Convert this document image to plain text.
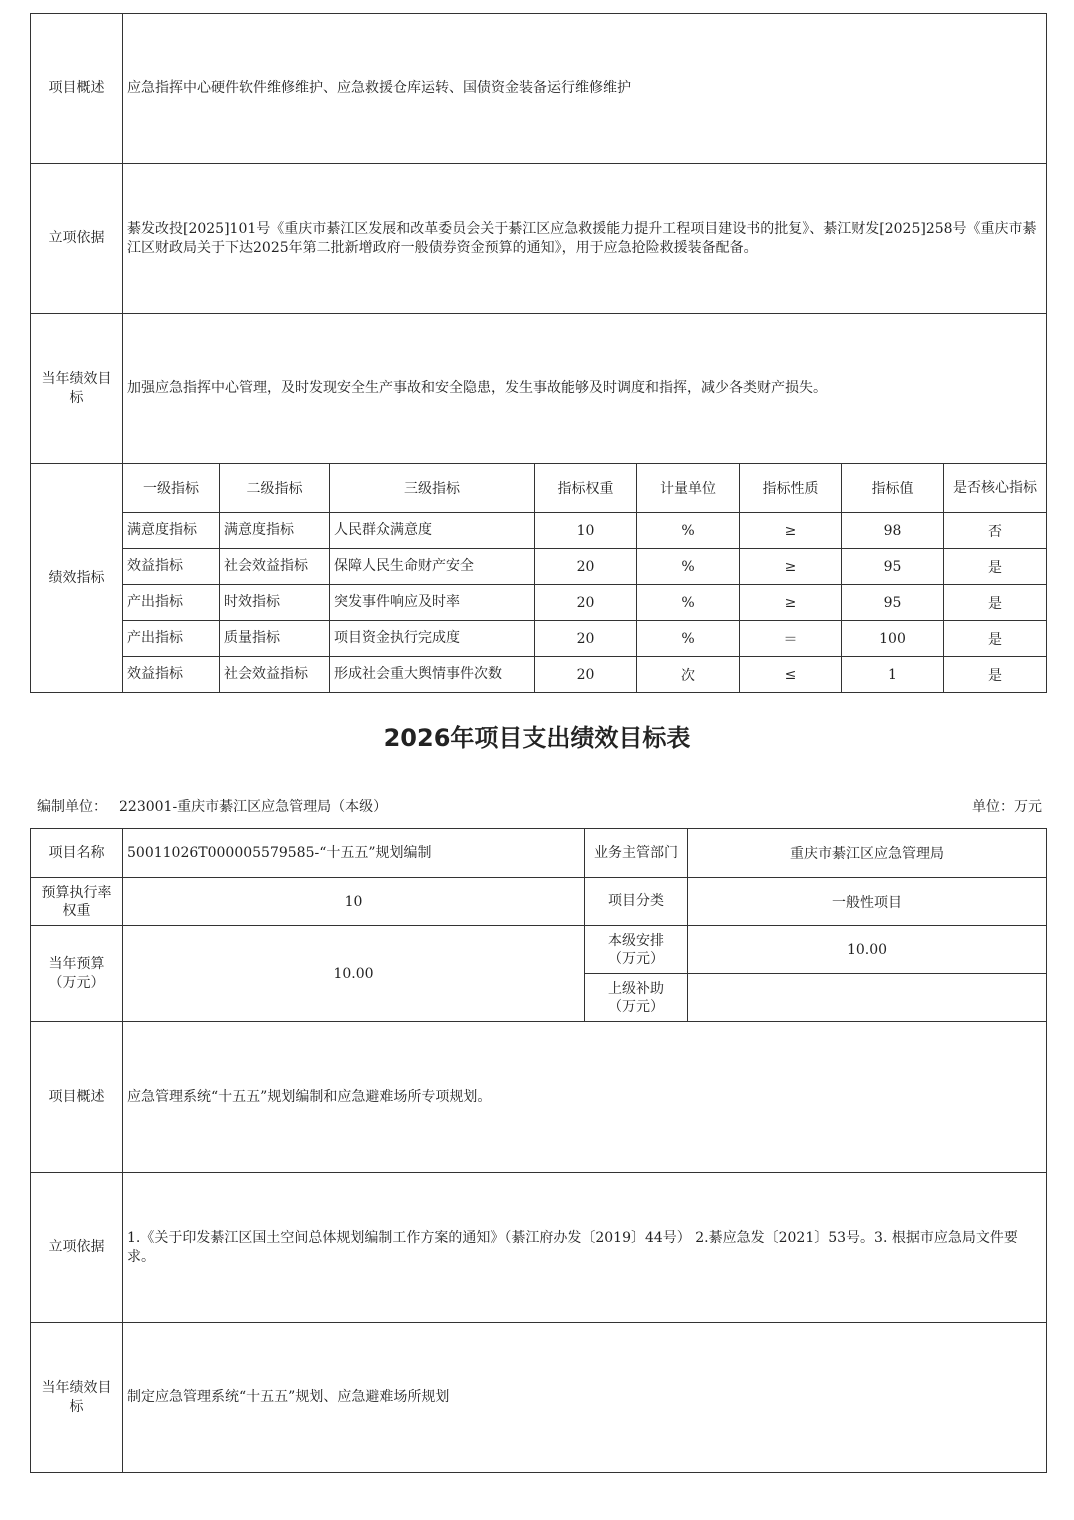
项目概述	应急指挥中心硬件软件维修维护、应急救援仓库运转、国债资金装备运行维修维护							
立项依据	綦发改投[2025]101号《重庆市綦江区发展和改革委员会关于綦江区应急救援能力提升工程项目建设书的批复》、綦江财发[2025]258号《重庆市綦江区财政局关于下达2025年第二批新增政府一般债券资金预算的通知》，用于应急抢险救援装备配备。							
当年绩效目标	加强应急指挥中心管理，及时发现安全生产事故和安全隐患，发生事故能够及时调度和指挥，减少各类财产损失。							
绩效指标	一级指标	二级指标	三级指标	指标权重	计量单位	指标性质	指标值	是否核心指标
	满意度指标	满意度指标	人民群众满意度	10	%	≥	98	否
	效益指标	社会效益指标	保障人民生命财产安全	20	%	≥	95	是
	产出指标	时效指标	突发事件响应及时率	20	%	≥	95	是
	产出指标	质量指标	项目资金执行完成度	20	%	＝	100	是
	效益指标	社会效益指标	形成社会重大舆情事件次数	20	次	≤	1	是
2026年项目支出绩效目标表
编制单位： 223001-重庆市綦江区应急管理局（本级）	单位：万元
项目名称	50011026T000005579585-“十五五”规划编制	业务主管部门	重庆市綦江区应急管理局
预算执行率权重	10	项目分类	一般性项目
当年预算（万元）	10.00	本级安排（万元）	10.00
		上级补助（万元）	
项目概述	应急管理系统“十五五”规划编制和应急避难场所专项规划。		
立项依据	1.《关于印发綦江区国土空间总体规划编制工作方案的通知》（綦江府办发〔2019〕44号） 2.綦应急发〔2021〕53号。3. 根据市应急局文件要求。		
当年绩效目标	制定应急管理系统“十五五”规划、应急避难场所规划		
